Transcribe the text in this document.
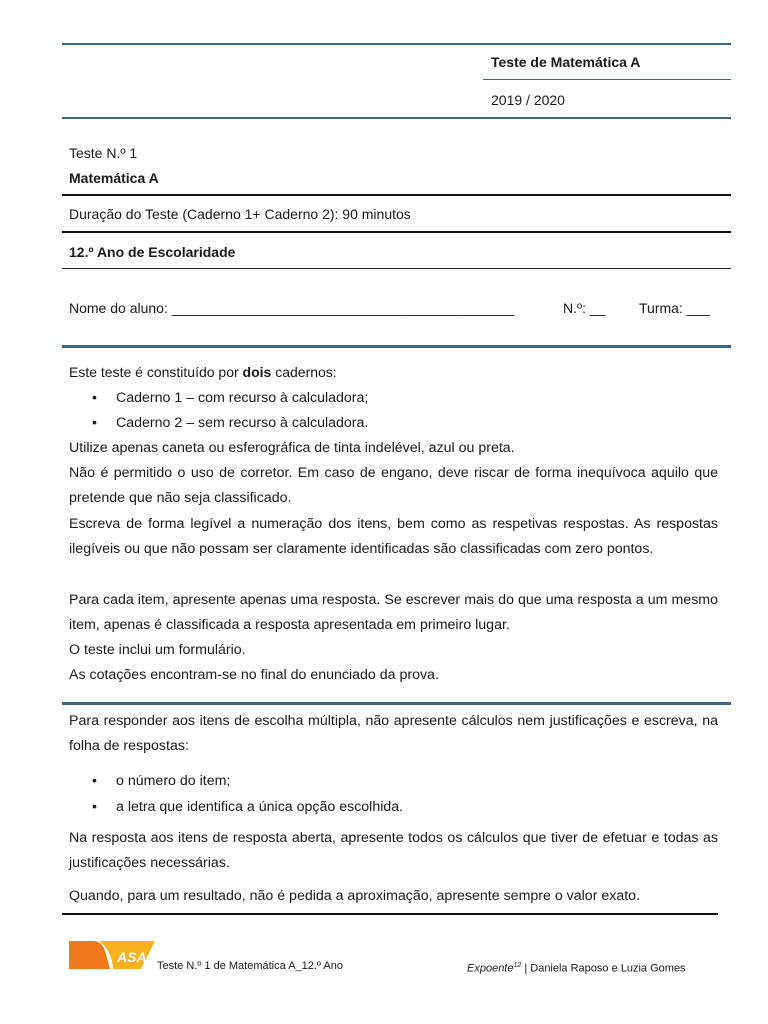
Teste de Matemática A
2019 / 2020
Teste N.º 1
Matemática A
Duração do Teste (Caderno 1+ Caderno 2): 90 minutos
12.º Ano de Escolaridade
Nome do aluno: ____________________________________________	N.º: __ Turma: ___
Este teste é constituído por dois cadernos:
• Caderno 1 – com recurso à calculadora;
• Caderno 2 – sem recurso à calculadora.
Utilize apenas caneta ou esferográfica de tinta indelével, azul ou preta.
Não é permitido o uso de corretor. Em caso de engano, deve riscar de forma inequívoca aquilo que pretende que não seja classificado.
Escreva de forma legível a numeração dos itens, bem como as respetivas respostas. As respostas ilegíveis ou que não possam ser claramente identificadas são classificadas com zero pontos.
Para cada item, apresente apenas uma resposta. Se escrever mais do que uma resposta a um mesmo item, apenas é classificada a resposta apresentada em primeiro lugar.
O teste inclui um formulário.
As cotações encontram-se no final do enunciado da prova.
Para responder aos itens de escolha múltipla, não apresente cálculos nem justificações e escreva, na folha de respostas:
• o número do item;
• a letra que identifica a única opção escolhida.
Na resposta aos itens de resposta aberta, apresente todos os cálculos que tiver de efetuar e todas as justificações necessárias.
Quando, para um resultado, não é pedida a aproximação, apresente sempre o valor exato.
ASA
Teste N.º 1 de Matemática A_12.º Ano	Expoente$^{12}$ | Daniela Raposo e Luzia Gomes
